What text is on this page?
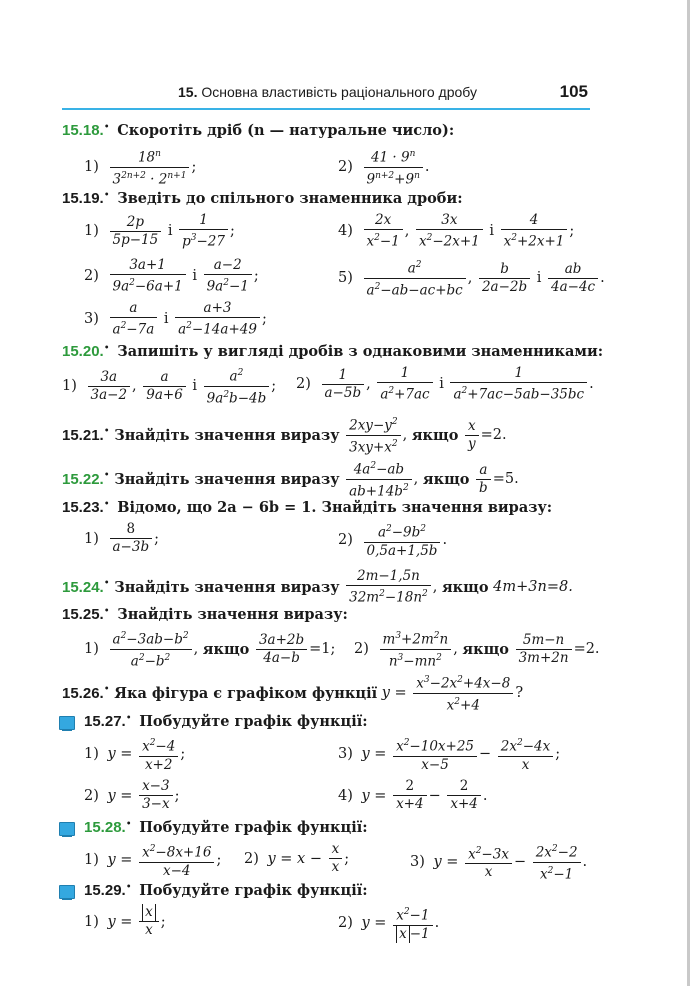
15. Основна властивість раціонального дробу	105
15.18.• Скоротіть дріб (n — натуральне число):
$1) \frac{18^n}{3^{2n+2} \cdot 2^{n+1}}$ ;	$2) \frac{41 \cdot 9^n}{9^{n+2}+9^n}$ .
15.19.• Зведіть до спільного знаменника дроби:
$1) \frac{2p}{5p-15}$ і $\frac{1}{p^3-27}$ ;	$4) \frac{2x}{x^2-1}$ , $\frac{3x}{x^2-2x+1}$ і $\frac{4}{x^2+2x+1}$ ;
$2) \frac{3a+1}{9a^2-6a+1}$ і $\frac{a-2}{9a^2-1}$ ;	$5) \frac{a^2}{a^2-ab-ac+bc}$ , $\frac{b}{2a-2b}$ і $\frac{ab}{4a-4c}$ .
$3) \frac{a}{a^2-7a}$ і $\frac{a+3}{a^2-14a+49}$ ;
15.20.• Запишіть у вигляді дробів з однаковими знаменниками:
$1) \frac{3a}{3a-2}$ , $\frac{a}{9a+6}$ і $\frac{a^2}{9a^2b-4b}$ ; $2) \frac{1}{a-5b}$ , $\frac{1}{a^2+7ac}$ і $\frac{1}{a^2+7ac-5ab-35bc}$ .
15.21.• Знайдіть значення виразу $\frac{2xy-y^2}{3xy+x^2}$ , якщо $\frac{x}{y} =2$.
15.22.• Знайдіть значення виразу $\frac{4a^2-ab}{ab+14b^2}$ , якщо $\frac{a}{b} =5$.
15.23.• Відомо, що 2a − 6b = 1. Знайдіть значення виразу:
$1) \frac{8}{a-3b}$ ;	$2) \frac{a^2-9b^2}{0,5a+1,5b}$ .
15.24.• Знайдіть значення виразу $\frac{2m-1,5n}{32m^2-18n^2}$ , якщо 4m+3n=8.
15.25.• Знайдіть значення виразу:
$1) \frac{a^2-3ab-b^2}{a^2-b^2}$ , якщо $\frac{3a+2b}{4a-b} =1$; $2) \frac{m^3+2m^2n}{n^3-mn^2}$ , якщо $\frac{5m-n}{3m+2n} =2$.
15.26.• Яка фігура є графіком функції $y = \frac{x^3-2x^2+4x-8}{x^2+4}$ ?
15.27.• Побудуйте графік функції:
1) $y = \frac{x^2-4}{x+2}$ ;	3) $y = \frac{x^2-10x+25}{x-5} - \frac{2x^2-4x}{x}$ ;
2) $y = \frac{x-3}{3-x}$ ;	4) $y = \frac{2}{x+4} - \frac{2}{x+4}$ .
15.28.• Побудуйте графік функції:
1) $y = \frac{x^2-8x+16}{x-4}$ ; 2) $y = x - \frac{x}{x}$ ;	3) $y = \frac{x^2-3x}{x} - \frac{2x^2-2}{x^2-1}$ .
15.29.• Побудуйте графік функції:
1) $y = \frac{x}{x}$ ;	2) $y = \frac{x^2-1}{x -1}$ .
